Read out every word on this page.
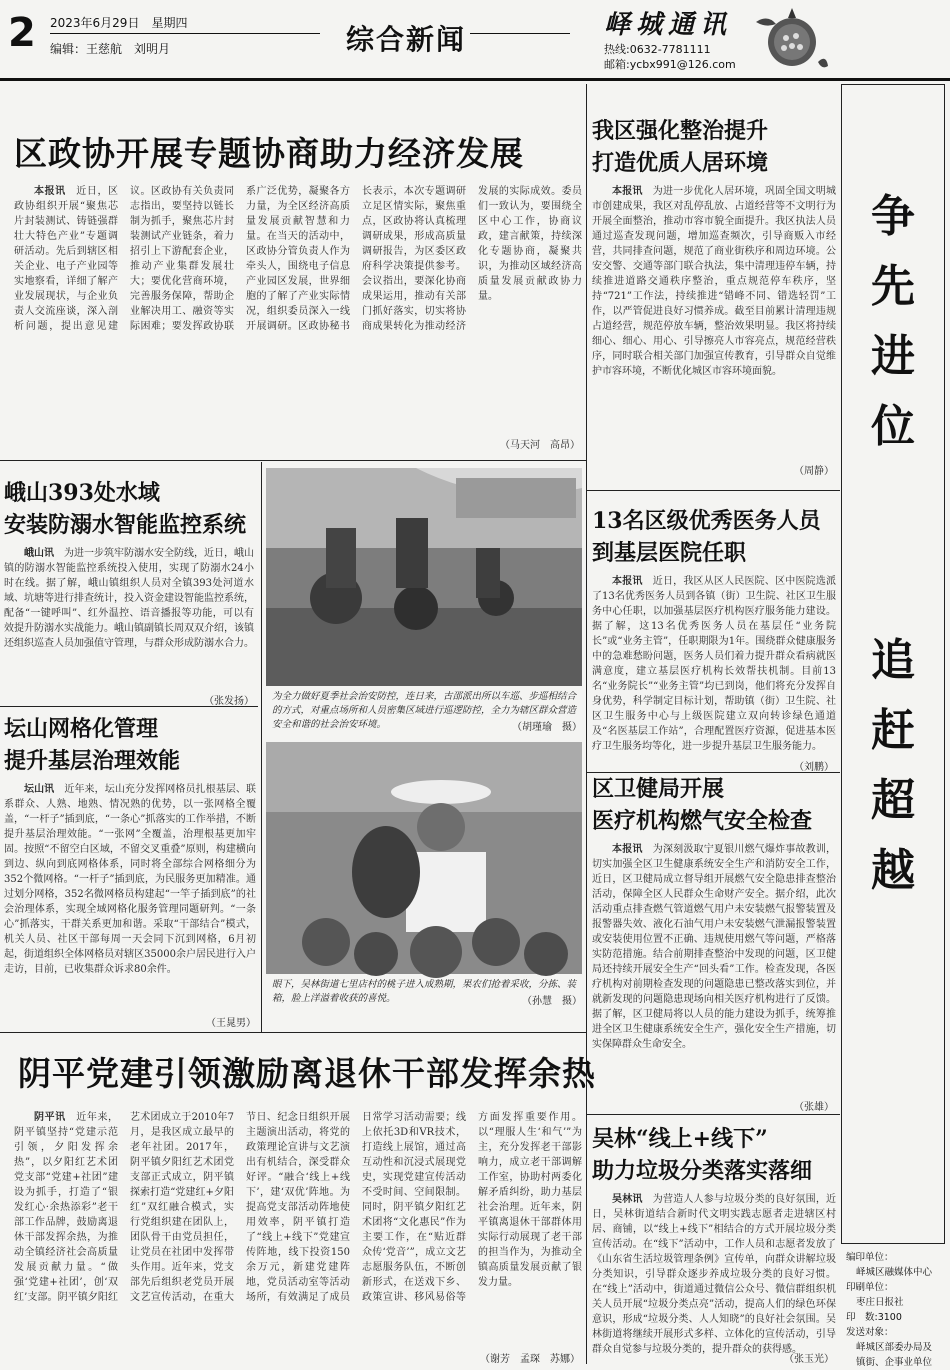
2 2023年6月29日　星期四
编辑：王慈航　刘明月	综合新闻	峄城通讯
热线:0632-7781111
邮箱:ycbx991@126.com
区政协开展专题协商助力经济发展
本报讯　 近日，区政协组织开展“聚焦芯片封装测试、铸链强群壮大特色产业”专题调研活动。先后到辖区相关企业、电子产业园等实地察看，详细了解产业发展现状，与企业负责人交流座谈，深入剖析问题，提出意见建议。区政协有关负责同志指出，要坚持以链长制为抓手，聚焦芯片封装测试产业链条，着力招引上下游配套企业，推动产业集群发展壮大；要优化营商环境，完善服务保障，帮助企业解决用工、融资等实际困难；要发挥政协联系广泛优势，凝聚各方力量，为全区经济高质量发展贡献智慧和力量。在当天的活动中，区政协分管负责人作为牵头人，围绕电子信息产业园区发展，世界细胞的了解了产业实际情况，组织委员深入一线开展调研。区政协秘书长表示，本次专题调研立足区情实际，聚焦重点，区政协将认真梳理调研成果，形成高质量调研报告，为区委区政府科学决策提供参考。会议指出，要深化协商成果运用，推动有关部门抓好落实，切实将协商成果转化为推动经济发展的实际成效。委员们一致认为，要围绕全区中心工作，协商议政，建言献策，持续深化专题协商，凝聚共识，为推动区域经济高质量发展贡献政协力量。
（马天河　高昂）
我区强化整治提升
打造优质人居环境
本报讯　 为进一步优化人居环境，巩固全国文明城市创建成果，我区对乱停乱放、占道经营等不文明行为开展全面整治，推动市容市貌全面提升。我区执法人员通过巡查发现问题，增加巡查频次，引导商贩入市经营，共同排查问题，规范了商业街秩序和周边环境。公安交警、交通等部门联合执法，集中清理违停车辆，持续推进道路交通秩序整治，重点规范停车秩序，坚持“721”工作法，持续推进“错峰不同、错选轻罚”工作，以严管促进良好习惯养成。截至目前累计清理违规占道经营，规范停放车辆，整治效果明显。我区将持续细心、细心、用心、引导擦亮人市容亮点，规范经营秩序，同时联合相关部门加强宣传教育，引导群众自觉维护市容环境，不断优化城区市容环境面貌。
（周静）
峨山393处水域
安装防溺水智能监控系统
峨山讯　 为进一步筑牢防溺水安全防线，近日，峨山镇的防溺水智能监控系统投入使用，实现了防溺水24小时在线。据了解，峨山镇组织人员对全镇393处河道水域、坑塘等进行排查统计，投入资金建设智能监控系统，配备“一键呼叫”、红外温控、语音播报等功能，可以有效提升防溺水实战能力。峨山镇副镇长周双双介绍，该镇还组织巡查人员加强值守管理，与群众形成防溺水合力。
（张发扬） 为全力做好夏季社会治安防控，连日来，古邵派出所以车巡、步巡相结合的方式，对重点场所和人员密集区域进行巡逻防控，全力为辖区群众营造安全和谐的社会治安环境。	（胡瑾瑜　摄）
坛山网格化管理
提升基层治理效能
坛山讯　 近年来，坛山充分发挥网格员扎根基层、联系群众、人熟、地熟、情况熟的优势，以一张网格全覆盖，“一杆子”插到底，“一条心”抓落实的工作举措，不断提升基层治理效能。“一张网”全覆盖，治理根基更加牢固。按照“不留空白区域，不留交叉重叠”原则，构建横向到边、纵向到底网格体系，同时将全部综合网格细分为352个微网格。“一杆子”插到底，为民服务更加精准。通过划分网格，352名微网格员构建起“一竿子插到底”的社会治理体系，实现全域网格化服务管理同题研判。“一条心”抓落实，干群关系更加和谐。采取“干部结合”模式，机关人员、社区干部每周一天会同下沉到网格，6月初起，街道组织全体网格员对辖区35000余户居民进行入户走访，目前，已收集群众诉求80余件。
（王晁男）
眼下，吴林街道七里店村的桃子进入成熟期，果农们抢着采收，分拣、装箱，脸上洋溢着收获的喜悦。	（孙慧　摄）
13名区级优秀医务人员
到基层医院任职
本报讯　 近日，我区从区人民医院、区中医院选派了13名优秀医务人员到各镇（街）卫生院、社区卫生服务中心任职，以加强基层医疗机构医疗服务能力建设。据了解，这13名优秀医务人员在基层任“业务院长”或“业务主管”，任职期限为1年。围绕群众健康服务中的急难愁盼问题，医务人员们着力提升群众看病就医满意度，建立基层医疗机构长效帮扶机制。目前13名“业务院长”“业务主管”均已到岗，他们将充分发挥自身优势，科学制定目标计划，帮助镇（街）卫生院、社区卫生服务中心与上级医院建立双向转诊绿色通道及“名医基层工作站”，合理配置医疗资源，促进基本医疗卫生服务均等化，进一步提升基层卫生服务能力。
（刘鹏）
区卫健局开展
医疗机构燃气安全检查
本报讯　 为深刻汲取宁夏银川燃气爆炸事故教训，切实加强全区卫生健康系统安全生产和消防安全工作，近日，区卫健局成立督导组开展燃气安全隐患排查整治活动，保障全区人民群众生命财产安全。据介绍，此次活动重点排查燃气管道燃气用户未安装燃气报警装置及报警器失效、液化石油气用户未安装燃气泄漏报警装置或安装使用位置不正确、违规使用燃气等问题，严格落实防范措施。结合前期排查整治中发现的问题，区卫健局还持续开展安全生产“回头看”工作。检查发现，各医疗机构对前期检查发现的问题隐患已整改落实到位，并就新发现的问题隐患现场向相关医疗机构进行了反馈。据了解，区卫健局将以人员的能力建设为抓手，统筹推进全区卫生健康系统安全生产，强化安全生产措施，切实保障群众生命安全。
（张雄）
阴平党建引领激励离退休干部发挥余热
阴平讯　 近年来，阴平镇坚持“党建示范引领，夕阳发挥余热”，以夕阳红艺术团党支部“党建+社团”建设为抓手，打造了“银发红心·余热添彩”老干部工作品牌，鼓励离退休干部发挥余热，为推动全镇经济社会高质量发展贡献力量。“做强‘党建+社团’，创‘双红’支部。阴平镇夕阳红艺术团成立于2010年7月，是我区成立最早的老年社团。2017年，阴平镇夕阳红艺术团党支部正式成立，阴平镇探索打造“党建红+夕阳红”双红融合模式，实行党组织建在团队上，团队骨干由党员担任，让党员在社团中发挥带头作用。近年来，党支部先后组织老党员开展文艺宣传活动，在重大节日、纪念日组织开展主题演出活动，将党的政策理论宣讲与文艺演出有机结合，深受群众好评。“融合‘线上+线下’，建‘双优’阵地。为提高党支部活动阵地使用效率，阴平镇打造了“线上+线下”党建宣传阵地，线下投资150余万元，新建党建阵地，党员活动室等活动场所，有效满足了成员日常学习活动需要；线上依托3D和VR技术，打造线上展馆，通过高互动性和沉浸式展现党史，实现党建宣传活动不受时间、空间限制。同时，阴平镇夕阳红艺术团将“文化惠民”作为主要工作，在“贴近群众传‘党音’”，成立文艺志愿服务队伍，不断创新形式，在送戏下乡、政策宣讲、移风易俗等方面发挥重要作用。以“理服人生‘和气’”为主，充分发挥老干部影响力，成立老干部调解工作室，协助村两委化解矛盾纠纷，助力基层社会治理。近年来，阴平镇离退休干部群体用实际行动展现了老干部的担当作为，为推动全镇高质量发展贡献了银发力量。
（谢芳　孟琛　苏娜）
吴林“线上+线下”
助力垃圾分类落实落细
吴林讯　 为营造人人参与垃圾分类的良好氛围，近日，吴林街道结合新时代文明实践志愿者走进辖区村居、商铺，以“线上+线下”相结合的方式开展垃圾分类宣传活动。在“线下”活动中，工作人员和志愿者发放了《山东省生活垃圾管理条例》宣传单，向群众讲解垃圾分类知识，引导群众逐步养成垃圾分类的良好习惯。在“线上”活动中，街道通过微信公众号、微信群组织机关人员开展“垃圾分类点亮”活动，提高人们的绿色环保意识，形成“垃圾分类、人人知晓”的良好社会氛围。吴林街道将继续开展形式多样、立体化的宣传活动，引导群众自觉参与垃圾分类的，提升群众的获得感。
（张玉光）
争
先
进
位
追
赶
超
越
编印单位：
峄城区融媒体中心
印刷单位：
枣庄日报社
印　数:3100
发送对象：
峄城区部委办局及
镇街、企事业单位
